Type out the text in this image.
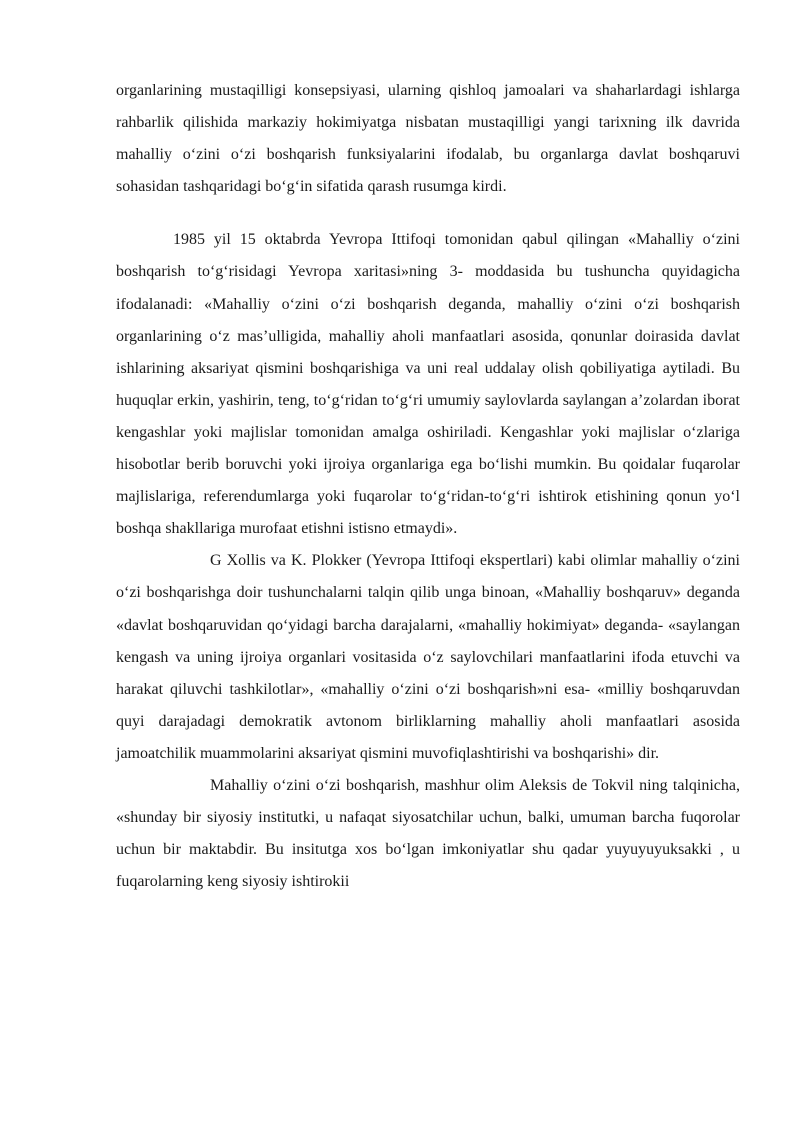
organlarining mustaqilligi konsepsiyasi, ularning qishloq jamoalari va shaharlardagi ishlarga rahbarlik qilishida markaziy hokimiyatga nisbatan mustaqilligi yangi tarixning ilk davrida mahalliy o‘zini o‘zi boshqarish funksiyalarini ifodalab, bu organlarga davlat boshqaruvi sohasidan tashqaridagi bo‘g‘in sifatida qarash rusumga kirdi.

1985 yil 15 oktabrda Yevropa Ittifoqi tomonidan qabul qilingan «Mahalliy o‘zini boshqarish to‘g‘risidagi Yevropa xaritasi»ning 3- moddasida bu tushuncha quyidagicha ifodalanadi: «Mahalliy o‘zini o‘zi boshqarish deganda, mahalliy o‘zini o‘zi boshqarish organlarining o‘z mas’ulligida, mahalliy aholi manfaatlari asosida, qonunlar doirasida davlat ishlarining aksariyat qismini boshqarishiga va uni real uddalay olish qobiliyatiga aytiladi. Bu huquqlar erkin, yashirin, teng, to‘g‘ridan to‘g‘ri umumiy saylovlarda saylangan a’zolardan iborat kengashlar yoki majlislar tomonidan amalga oshiriladi. Kengashlar yoki majlislar o‘zlariga hisobotlar berib boruvchi yoki ijroiya organlariga ega bo‘lishi mumkin. Bu qoidalar fuqarolar majlislariga, referendumlarga yoki fuqarolar to‘g‘ridan-to‘g‘ri ishtirok etishining qonun yo‘l boshqa shakllariga murofaat etishni istisno etmaydi».

G Xollis va K. Plokker (Yevropa Ittifoqi ekspertlari) kabi olimlar mahalliy o‘zini o‘zi boshqarishga doir tushunchalarni talqin qilib unga binoan, «Mahalliy boshqaruv» deganda «davlat boshqaruvidan qo‘yidagi barcha darajalarni, «mahalliy hokimiyat» deganda- «saylangan kengash va uning ijroiya organlari vositasida o‘z saylovchilari manfaatlarini ifoda etuvchi va harakat qiluvchi tashkilotlar», «mahalliy o‘zini o‘zi boshqarish»ni esa- «milliy boshqaruvdan quyi darajadagi demokratik avtonom birliklarning mahalliy aholi manfaatlari asosida jamoatchilik muammolarini aksariyat qismini muvofiqlashtirishi va boshqarishi» dir.

Mahalliy o‘zini o‘zi boshqarish, mashhur olim Aleksis de Tokvil ning talqinicha, «shunday bir siyosiy institutki, u nafaqat siyosatchilar uchun, balki, umuman barcha fuqorolar uchun bir maktabdir. Bu insitutga xos bo‘lgan imkoniyatlar shu qadar yuyuyuyuksakki , u fuqarolarning keng siyosiy ishtirokii
